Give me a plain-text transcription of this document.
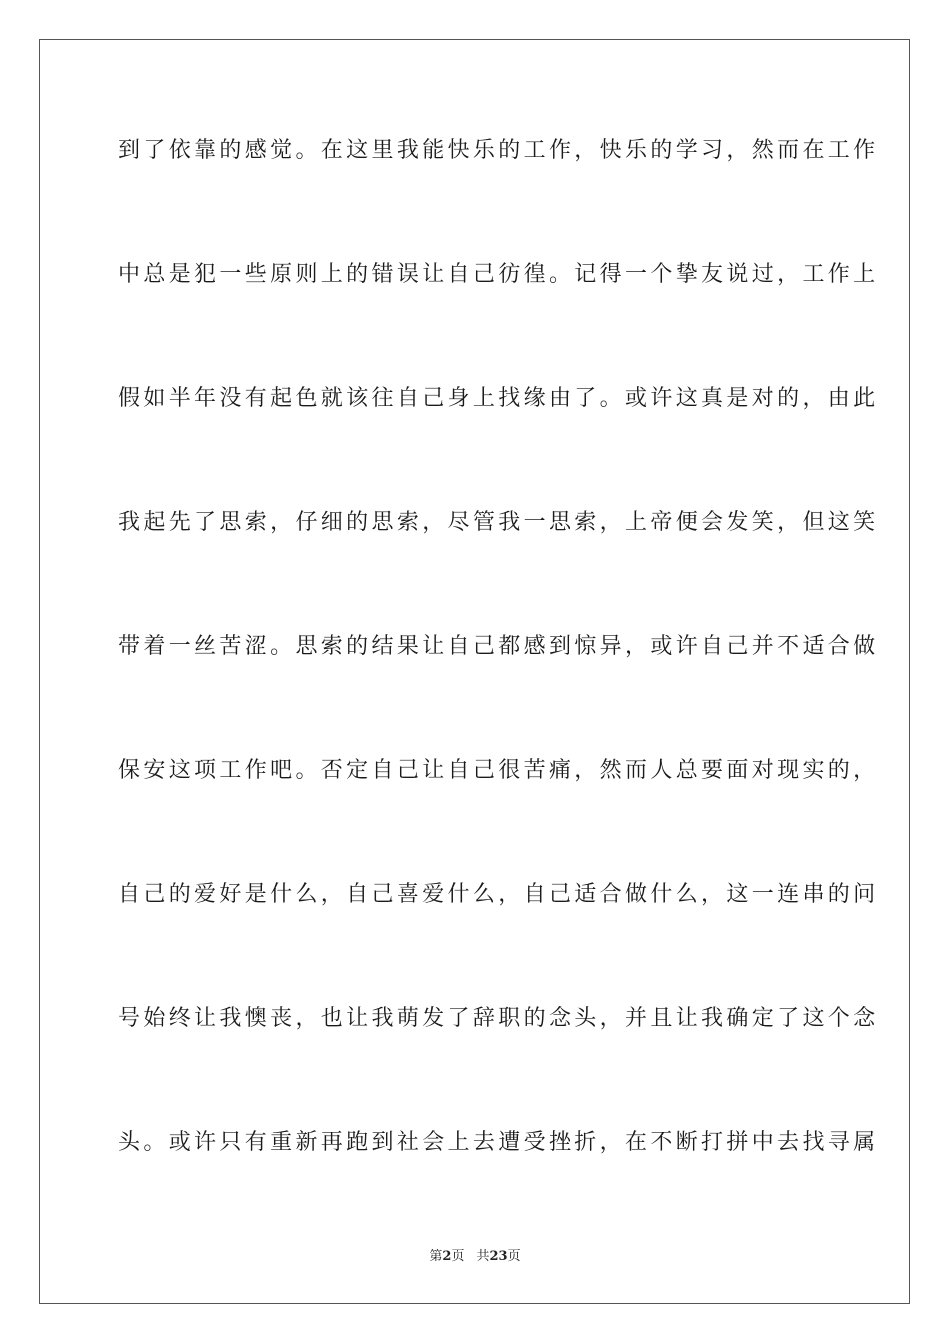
到了依靠的感觉。在这里我能快乐的工作，快乐的学习，然而在工作
中总是犯一些原则上的错误让自己彷徨。记得一个挚友说过，工作上
假如半年没有起色就该往自己身上找缘由了。或许这真是对的，由此
我起先了思索，仔细的思索，尽管我一思索，上帝便会发笑，但这笑
带着一丝苦涩。思索的结果让自己都感到惊异，或许自己并不适合做
保安这项工作吧。否定自己让自己很苦痛，然而人总要面对现实的，
自己的爱好是什么，自己喜爱什么，自己适合做什么，这一连串的问
号始终让我懊丧，也让我萌发了辞职的念头，并且让我确定了这个念
头。或许只有重新再跑到社会上去遭受挫折，在不断打拼中去找寻属
第2页 共23页
